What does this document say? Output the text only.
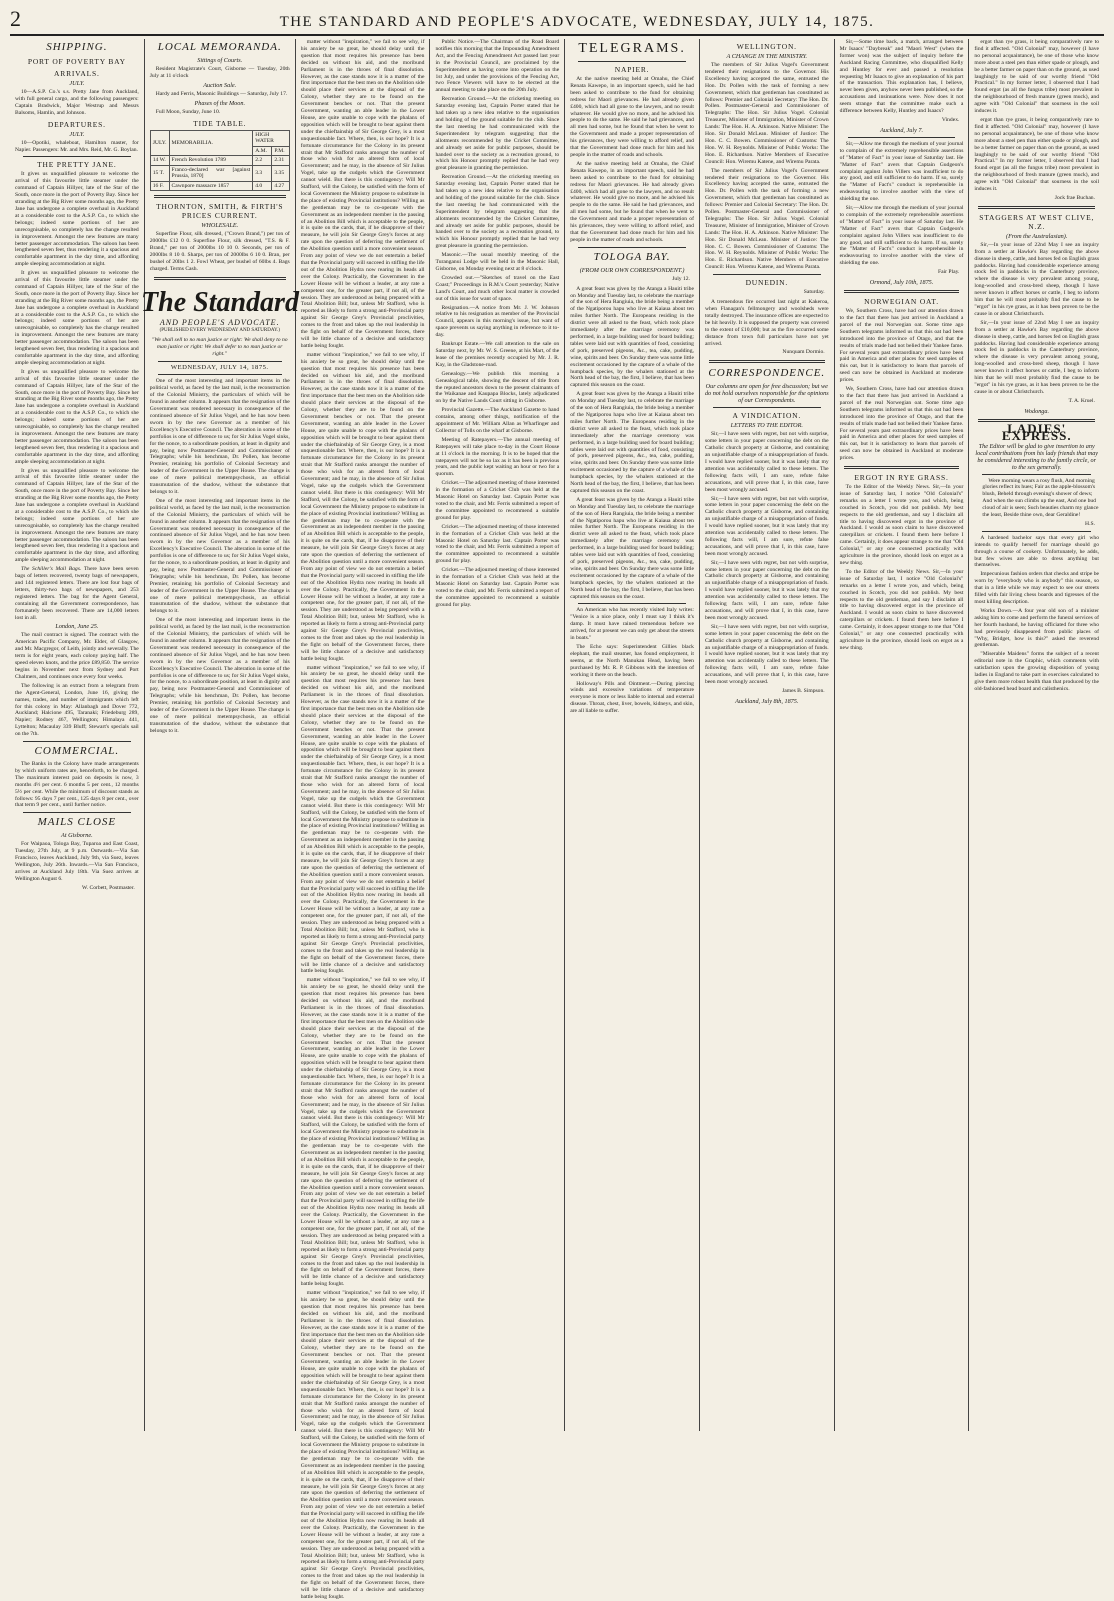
2	THE STANDARD AND PEOPLE'S ADVOCATE, WEDNESDAY, JULY 14, 1875.
SHIPPING.
PORT OF POVERTY BAY
ARRIVALS.
JULY.

10—A.S.P. Co.'s s.s. Pretty Jane from Auckland, with full general cargo, and the following passengers: Captain Bradwick, Major Westrup and Messrs Balsoms, Hamlin, and Johnson.

DEPARTURES.
JULY.

10—Opotiki, whaleboat, Hamilton master, for Napier. Passengers: Mr. and Mrs. Reid, Mr. G. Boylan.

THE PRETTY JANE.

It gives us unqualified pleasure to welcome the arrival of this favourite little steamer under the command of Captain Hillyer, late of the Star of the South, once more in the port of Poverty Bay. Since her stranding at the Big River some months ago, the Pretty Jane has undergone a complete overhaul in Auckland at a considerable cost to the A.S.P. Co., to which she belongs; indeed some portions of her are unrecognisable, so completely has the change resulted in improvement. Amongst the new features are many better passenger accommodation. The saloon has been lengthened seven feet, thus rendering it a spacious and comfortable apartment in the day time, and affording ample sleeping accommodation at night.

It gives us unqualified pleasure to welcome the arrival of this favourite little steamer under the command of Captain Hillyer, late of the Star of the South, once more in the port of Poverty Bay. Since her stranding at the Big River some months ago, the Pretty Jane has undergone a complete overhaul in Auckland at a considerable cost to the A.S.P. Co., to which she belongs; indeed some portions of her are unrecognisable, so completely has the change resulted in improvement. Amongst the new features are many better passenger accommodation. The saloon has been lengthened seven feet, thus rendering it a spacious and comfortable apartment in the day time, and affording ample sleeping accommodation at night.

It gives us unqualified pleasure to welcome the arrival of this favourite little steamer under the command of Captain Hillyer, late of the Star of the South, once more in the port of Poverty Bay. Since her stranding at the Big River some months ago, the Pretty Jane has undergone a complete overhaul in Auckland at a considerable cost to the A.S.P. Co., to which she belongs; indeed some portions of her are unrecognisable, so completely has the change resulted in improvement. Amongst the new features are many better passenger accommodation. The saloon has been lengthened seven feet, thus rendering it a spacious and comfortable apartment in the day time, and affording ample sleeping accommodation at night.

It gives us unqualified pleasure to welcome the arrival of this favourite little steamer under the command of Captain Hillyer, late of the Star of the South, once more in the port of Poverty Bay. Since her stranding at the Big River some months ago, the Pretty Jane has undergone a complete overhaul in Auckland at a considerable cost to the A.S.P. Co., to which she belongs; indeed some portions of her are unrecognisable, so completely has the change resulted in improvement. Amongst the new features are many better passenger accommodation. The saloon has been lengthened seven feet, thus rendering it a spacious and comfortable apartment in the day time, and affording ample sleeping accommodation at night.

The Schiller's Mail Bags. There have been seven bags of letters recovered, twenty bags of newspapers, and 144 registered letters. There are lost four bags of letters, thirty-two bags of newspapers, and 253 registered letters. The bag for the Agent General, containing all the Government correspondence, has fortunately been recovered. There are 14,000 letters lost in all.

London, June 25.

The mail contract is signed. The contract with the American Pacific Company, Mr. Elder, of Glasgow, and Mr. Macgregor, of Leith, jointly and severally. The term is for eight years, each colony paying half. The speed eleven knots, and the price £89,850. The service begins in November next from Sydney and Port Chalmers, and continues once every four weeks.

The following is an extract from a telegram from the Agent-General, London, June 16, giving the names, trades, and number of immigrants which left for this colony in May: Allanbagh and Dover 772, Auckland; Halcione 495, Taranaki; Friedeburg 289, Napier; Rodney 467, Wellington; Himalaya 441, Lyttelton; Macaulay 339 Bluff; Stewart's specials sail on the 7th.

COMMERCIAL.

The Banks in the Colony have made arrangements by which uniform rates are, henceforth, to be charged. The maximum interest paid on deposits is now, 3 months 4½ per cent. 6 months 5 per cent., 12 months 5½ per cent. While the minimum of discount stands as follows: 95 days 7 per cent., 125 days 8 per cent., over that term 9 per cent., until further notice.

MAILS CLOSE
At Gisborne.

For Waipaoa, Tologa Bay, Tuparoa and East Coast, Tuesday, 27th July, at 9 p.m. Outwards.—Via San Francisco, leaves Auckland, July 9th, via Suez, leaves Wellington, July 26th. Inwards.—Via San Francisco, arrives at Auckland July 18th. Via Suez arrives at Wellington August 6.

W. Corbett, Postmaster.
LOCAL MEMORANDA.
Sittings of Courts.

Resident Magistrate's Court, Gisborne — Tuesday, 20th July at 11 o'clock

Auction Sale.

Hardy and Ferris, Masonic Buildings — Saturday, July 17.

Phases of the Moon.

Full Moon, Sunday, June 10.

TIDE TABLE.
JULY.	MEMORABILIA.	HIGH WATER	
		A.M.	P.M.
14 W.	French Revolution 1789	2.2	2.31
15 T.	Franco-declared war [against Prussia, 1870]	3.3	3.35
16 F.	Cawnpore massacre 1857	4.0	4.27
THORNTON, SMITH, & FIRTH'S PRICES CURRENT.
WHOLESALE.

Superfine Flour, silk dressed, ("Crown Brand,") per ton of 2000lbs £12 0 0. Superfine Flour, silk dressed, "T.S. & F. Brand," per ton of 2000lbs 10 10 0. Seconds, per ton of 2000lbs 8 10 0. Sharps, per ton of 2000lbs 6 10 0. Bran, per bushel of 20lbs 1 2. Fowl Wheat, per bushel of 60lbs 4. Bags charged. Terms Cash.

The Standard
AND PEOPLE'S ADVOCATE.
(PUBLISHED EVERY WEDNESDAY AND SATURDAY.)
"We shall sell to no man justice or right: We shall deny to no man justice or right: We shall defer to no man justice or right."
WEDNESDAY, JULY 14, 1875.

One of the most interesting and important items in the political world, as faced by the last mail, is the reconstruction of the Colonial Ministry, the particulars of which will be found in another column. It appears that the resignation of the Government was rendered necessary in consequence of the continued absence of Sir Julius Vogel, and he has now been sworn in by the new Governor as a member of his Excellency's Executive Council. The alteration in some of the portfolios is one of difference to us; for Sir Julius Vogel sinks, for the nonce, to a subordinate position, at least in dignity and pay, being now Postmaster-General and Commissioner of Telegraphs; while his henchman, Dr. Pollen, has become Premier, retaining his portfolio of Colonial Secretary and leader of the Government in the Upper House. The change is one of mere political metempsychosis, an official transmutation of the shadow, without the substance that belongs to it.

One of the most interesting and important items in the political world, as faced by the last mail, is the reconstruction of the Colonial Ministry, the particulars of which will be found in another column. It appears that the resignation of the Government was rendered necessary in consequence of the continued absence of Sir Julius Vogel, and he has now been sworn in by the new Governor as a member of his Excellency's Executive Council. The alteration in some of the portfolios is one of difference to us; for Sir Julius Vogel sinks, for the nonce, to a subordinate position, at least in dignity and pay, being now Postmaster-General and Commissioner of Telegraphs; while his henchman, Dr. Pollen, has become Premier, retaining his portfolio of Colonial Secretary and leader of the Government in the Upper House. The change is one of mere political metempsychosis, an official transmutation of the shadow, without the substance that belongs to it.

One of the most interesting and important items in the political world, as faced by the last mail, is the reconstruction of the Colonial Ministry, the particulars of which will be found in another column. It appears that the resignation of the Government was rendered necessary in consequence of the continued absence of Sir Julius Vogel, and he has now been sworn in by the new Governor as a member of his Excellency's Executive Council. The alteration in some of the portfolios is one of difference to us; for Sir Julius Vogel sinks, for the nonce, to a subordinate position, at least in dignity and pay, being now Postmaster-General and Commissioner of Telegraphs; while his henchman, Dr. Pollen, has become Premier, retaining his portfolio of Colonial Secretary and leader of the Government in the Upper House. The change is one of mere political metempsychosis, an official transmutation of the shadow, without the substance that belongs to it.

matter without "inspiration," we fail to see why, if his anxiety be so great, he should delay until the question that most requires his presence has been decided on without his aid, and the moribund Parliament is in the throes of final dissolution. However, as the case stands now it is a matter of the first importance that the best men on the Abolition side should place their services at the disposal of the Colony, whether they are to be found on the Government benches or not. That the present Government, wanting an able leader in the Lower House, are quite unable to cope with the phalanx of opposition which will be brought to bear against them under the chieftainship of Sir George Grey, is a most unquestionable fact. Where, then, is our hope? It is a fortunate circumstance for the Colony in its present strait that Mr Stafford ranks amongst the number of those who wish for an altered form of local Government; and he may, in the absence of Sir Julius Vogel, take up the cudgels which the Government cannot wield. But there is this contingency: Will Mr Stafford, will the Colony, be satisfied with the form of local Government the Ministry propose to substitute in the place of existing Provincial institutions? Willing as the gentleman may be to co-operate with the Government as an independent member in the passing of an Abolition Bill which is acceptable to the people, it is quite on the cards, that, if he disapprove of their measure, he will join Sir George Grey's forces at any rate upon the question of deferring the settlement of the Abolition question until a more convenient season. From any point of view we do not entertain a belief that the Provincial party will succeed in stifling the life out of the Abolition Hydra now rearing its heads all over the Colony. Practically, the Government in the Lower House will be without a leader, at any rate a competent one, for the greater part, if not all, of the session. They are understood as being prepared with a Total Abolition Bill; but, unless Mr Stafford, who is reported as likely to form a strong anti-Provincial party against Sir George Grey's Provincial proclivities, comes to the front and takes up the real leadership in the fight on behalf of the Government forces, there will be little chance of a decisive and satisfactory battle being fought.

matter without "inspiration," we fail to see why, if his anxiety be so great, he should delay until the question that most requires his presence has been decided on without his aid, and the moribund Parliament is in the throes of final dissolution. However, as the case stands now it is a matter of the first importance that the best men on the Abolition side should place their services at the disposal of the Colony, whether they are to be found on the Government benches or not. That the present Government, wanting an able leader in the Lower House, are quite unable to cope with the phalanx of opposition which will be brought to bear against them under the chieftainship of Sir George Grey, is a most unquestionable fact. Where, then, is our hope? It is a fortunate circumstance for the Colony in its present strait that Mr Stafford ranks amongst the number of those who wish for an altered form of local Government; and he may, in the absence of Sir Julius Vogel, take up the cudgels which the Government cannot wield. But there is this contingency: Will Mr Stafford, will the Colony, be satisfied with the form of local Government the Ministry propose to substitute in the place of existing Provincial institutions? Willing as the gentleman may be to co-operate with the Government as an independent member in the passing of an Abolition Bill which is acceptable to the people, it is quite on the cards, that, if he disapprove of their measure, he will join Sir George Grey's forces at any rate upon the question of deferring the settlement of the Abolition question until a more convenient season. From any point of view we do not entertain a belief that the Provincial party will succeed in stifling the life out of the Abolition Hydra now rearing its heads all over the Colony. Practically, the Government in the Lower House will be without a leader, at any rate a competent one, for the greater part, if not all, of the session. They are understood as being prepared with a Total Abolition Bill; but, unless Mr Stafford, who is reported as likely to form a strong anti-Provincial party against Sir George Grey's Provincial proclivities, comes to the front and takes up the real leadership in the fight on behalf of the Government forces, there will be little chance of a decisive and satisfactory battle being fought.

matter without "inspiration," we fail to see why, if his anxiety be so great, he should delay until the question that most requires his presence has been decided on without his aid, and the moribund Parliament is in the throes of final dissolution. However, as the case stands now it is a matter of the first importance that the best men on the Abolition side should place their services at the disposal of the Colony, whether they are to be found on the Government benches or not. That the present Government, wanting an able leader in the Lower House, are quite unable to cope with the phalanx of opposition which will be brought to bear against them under the chieftainship of Sir George Grey, is a most unquestionable fact. Where, then, is our hope? It is a fortunate circumstance for the Colony in its present strait that Mr Stafford ranks amongst the number of those who wish for an altered form of local Government; and he may, in the absence of Sir Julius Vogel, take up the cudgels which the Government cannot wield. But there is this contingency: Will Mr Stafford, will the Colony, be satisfied with the form of local Government the Ministry propose to substitute in the place of existing Provincial institutions? Willing as the gentleman may be to co-operate with the Government as an independent member in the passing of an Abolition Bill which is acceptable to the people, it is quite on the cards, that, if he disapprove of their measure, he will join Sir George Grey's forces at any rate upon the question of deferring the settlement of the Abolition question until a more convenient season. From any point of view we do not entertain a belief that the Provincial party will succeed in stifling the life out of the Abolition Hydra now rearing its heads all over the Colony. Practically, the Government in the Lower House will be without a leader, at any rate a competent one, for the greater part, if not all, of the session. They are understood as being prepared with a Total Abolition Bill; but, unless Mr Stafford, who is reported as likely to form a strong anti-Provincial party against Sir George Grey's Provincial proclivities, comes to the front and takes up the real leadership in the fight on behalf of the Government forces, there will be little chance of a decisive and satisfactory battle being fought.

matter without "inspiration," we fail to see why, if his anxiety be so great, he should delay until the question that most requires his presence has been decided on without his aid, and the moribund Parliament is in the throes of final dissolution. However, as the case stands now it is a matter of the first importance that the best men on the Abolition side should place their services at the disposal of the Colony, whether they are to be found on the Government benches or not. That the present Government, wanting an able leader in the Lower House, are quite unable to cope with the phalanx of opposition which will be brought to bear against them under the chieftainship of Sir George Grey, is a most unquestionable fact. Where, then, is our hope? It is a fortunate circumstance for the Colony in its present strait that Mr Stafford ranks amongst the number of those who wish for an altered form of local Government; and he may, in the absence of Sir Julius Vogel, take up the cudgels which the Government cannot wield. But there is this contingency: Will Mr Stafford, will the Colony, be satisfied with the form of local Government the Ministry propose to substitute in the place of existing Provincial institutions? Willing as the gentleman may be to co-operate with the Government as an independent member in the passing of an Abolition Bill which is acceptable to the people, it is quite on the cards, that, if he disapprove of their measure, he will join Sir George Grey's forces at any rate upon the question of deferring the settlement of the Abolition question until a more convenient season. From any point of view we do not entertain a belief that the Provincial party will succeed in stifling the life out of the Abolition Hydra now rearing its heads all over the Colony. Practically, the Government in the Lower House will be without a leader, at any rate a competent one, for the greater part, if not all, of the session. They are understood as being prepared with a Total Abolition Bill; but, unless Mr Stafford, who is reported as likely to form a strong anti-Provincial party against Sir George Grey's Provincial proclivities, comes to the front and takes up the real leadership in the fight on behalf of the Government forces, there will be little chance of a decisive and satisfactory battle being fought.

matter without "inspiration," we fail to see why, if his anxiety be so great, he should delay until the question that most requires his presence has been decided on without his aid, and the moribund Parliament is in the throes of final dissolution. However, as the case stands now it is a matter of the first importance that the best men on the Abolition side should place their services at the disposal of the Colony, whether they are to be found on the Government benches or not. That the present Government, wanting an able leader in the Lower House, are quite unable to cope with the phalanx of opposition which will be brought to bear against them under the chieftainship of Sir George Grey, is a most unquestionable fact. Where, then, is our hope? It is a fortunate circumstance for the Colony in its present strait that Mr Stafford ranks amongst the number of those who wish for an altered form of local Government; and he may, in the absence of Sir Julius Vogel, take up the cudgels which the Government cannot wield. But there is this contingency: Will Mr Stafford, will the Colony, be satisfied with the form of local Government the Ministry propose to substitute in the place of existing Provincial institutions? Willing as the gentleman may be to co-operate with the Government as an independent member in the passing of an Abolition Bill which is acceptable to the people, it is quite on the cards, that, if he disapprove of their measure, he will join Sir George Grey's forces at any rate upon the question of deferring the settlement of the Abolition question until a more convenient season. From any point of view we do not entertain a belief that the Provincial party will succeed in stifling the life out of the Abolition Hydra now rearing its heads all over the Colony. Practically, the Government in the Lower House will be without a leader, at any rate a competent one, for the greater part, if not all, of the session. They are understood as being prepared with a Total Abolition Bill; but, unless Mr Stafford, who is reported as likely to form a strong anti-Provincial party against Sir George Grey's Provincial proclivities, comes to the front and takes up the real leadership in the fight on behalf of the Government forces, there will be little chance of a decisive and satisfactory battle being fought.

Public Notice.—The Chairman of the Road Board notifies this morning that the Impounding Amendment Act, and the Fencing Amendment Act passed last year in the Provincial Council, are proclaimed by the Superintendent as having come into operation on the 1st July, and under the provisions of the Fencing Act, two Fence Viewers will have to be elected at the annual meeting to take place on the 20th July.

Recreation Ground.—At the cricketing meeting on Saturday evening last, Captain Porter stated that he had taken up a new idea relative to the organisation and holding of the ground suitable for the club. Since the last meeting he had communicated with the Superintendent by telegram suggesting that the allotments recommended by the Cricket Committee, and already set aside for public purposes, should be handed over to the society as a recreation ground, to which his Honour promptly replied that he had very great pleasure in granting the permission.

Recreation Ground.—At the cricketing meeting on Saturday evening last, Captain Porter stated that he had taken up a new idea relative to the organisation and holding of the ground suitable for the club. Since the last meeting he had communicated with the Superintendent by telegram suggesting that the allotments recommended by the Cricket Committee, and already set aside for public purposes, should be handed over to the society as a recreation ground, to which his Honour promptly replied that he had very great pleasure in granting the permission.

Masonic.—The usual monthly meeting of the Turanganui Lodge will be held in the Masonic Hall, Gisborne, on Monday evening next at 8 o'clock.

Crowded out.—"Sketches of travel on the East Coast;" Proceedings in R.M.'s Court yesterday; Native Land's Court, and much other local matter is crowded out of this issue for want of space.

Resignation.—A notice from Mr. J. W. Johnson relative to his resignation as member of the Provincial Council, appears in this morning's issue, but want of space prevents us saying anything in reference to it to-day.

Bankrupt Estate.—We call attention to the sale on Saturday next, by Mr. W. S. Greene, at his Mart, of the lease of the premises recently occupied by Mr. J. R. Kay, in the Gladstone-road.

Genealogy.—We publish this morning a Genealogical table, showing the descent of title from the reputed ancestors down to the present claimants of the Waikanae and Kaupapa Blocks, lately adjudicated on by the Native Lands Court sitting in Gisborne.

Provincial Gazette.—The Auckland Gazette to hand contains, among other things, notification of the appointment of Mr. William Allan as Wharfinger and Collector of Tolls on the wharf at Gisborne.

Meeting of Ratepayers.—The annual meeting of Ratepayers will take place to-day in the Court House at 11 o'clock in the morning. It is to be hoped that the ratepayers will not be so lax as it has been in previous years, and the public kept waiting an hour or two for a quorum.

Cricket.—The adjourned meeting of those interested in the formation of a Cricket Club was held at the Masonic Hotel on Saturday last. Captain Porter was voted to the chair, and Mr. Ferris submitted a report of the committee appointed to recommend a suitable ground for play.

Cricket.—The adjourned meeting of those interested in the formation of a Cricket Club was held at the Masonic Hotel on Saturday last. Captain Porter was voted to the chair, and Mr. Ferris submitted a report of the committee appointed to recommend a suitable ground for play.

Cricket.—The adjourned meeting of those interested in the formation of a Cricket Club was held at the Masonic Hotel on Saturday last. Captain Porter was voted to the chair, and Mr. Ferris submitted a report of the committee appointed to recommend a suitable ground for play.

TELEGRAMS.
NAPIER.

At the native meeting held at Omahu, the Chief Renata Kawepo, in an important speech, said he had been asked to contribute to the fund for obtaining redress for Maori grievances. He had already given £400, which had all gone to the lawyers, and no result whatever. He would give no more, and he advised his people to do the same. He said he had grievances, and all men had some, but he found that when he went to the Government and made a proper representation of his grievances, they were willing to afford relief, and that the Government had done much for him and his people in the matter of roads and schools.

At the native meeting held at Omahu, the Chief Renata Kawepo, in an important speech, said he had been asked to contribute to the fund for obtaining redress for Maori grievances. He had already given £400, which had all gone to the lawyers, and no result whatever. He would give no more, and he advised his people to do the same. He said he had grievances, and all men had some, but he found that when he went to the Government and made a proper representation of his grievances, they were willing to afford relief, and that the Government had done much for him and his people in the matter of roads and schools.

TOLOGA BAY.
(FROM OUR OWN CORRESPONDENT.)
July 12.

A great feast was given by the Atanga a Hauiti tribe on Monday and Tuesday last, to celebrate the marriage of the son of Hera Rangiuia, the bride being a member of the Ngatiporou hapu who live at Kaiaua about ten miles further North. The Europeans residing in the district were all asked to the feast, which took place immediately after the marriage ceremony was performed, in a large building used for board building; tables were laid out with quantities of food, consisting of pork, preserved pigeons, &c., tea, cake, pudding, wine, spirits and beer. On Sunday there was some little excitement occasioned by the capture of a whale of the humpback species, by the whalers stationed at the North head of the bay, the first, I believe, that has been captured this season on the coast.

A great feast was given by the Atanga a Hauiti tribe on Monday and Tuesday last, to celebrate the marriage of the son of Hera Rangiuia, the bride being a member of the Ngatiporou hapu who live at Kaiaua about ten miles further North. The Europeans residing in the district were all asked to the feast, which took place immediately after the marriage ceremony was performed, in a large building used for board building; tables were laid out with quantities of food, consisting of pork, preserved pigeons, &c., tea, cake, pudding, wine, spirits and beer. On Sunday there was some little excitement occasioned by the capture of a whale of the humpback species, by the whalers stationed at the North head of the bay, the first, I believe, that has been captured this season on the coast.

A great feast was given by the Atanga a Hauiti tribe on Monday and Tuesday last, to celebrate the marriage of the son of Hera Rangiuia, the bride being a member of the Ngatiporou hapu who live at Kaiaua about ten miles further North. The Europeans residing in the district were all asked to the feast, which took place immediately after the marriage ceremony was performed, in a large building used for board building; tables were laid out with quantities of food, consisting of pork, preserved pigeons, &c., tea, cake, pudding, wine, spirits and beer. On Sunday there was some little excitement occasioned by the capture of a whale of the humpback species, by the whalers stationed at the North head of the bay, the first, I believe, that has been captured this season on the coast.

An American who has recently visited Italy writes: "Venice is a nice place, only I must say I think it's damp. It must have rained tremendous before we arrived, for at present we can only get about the streets in boats."

The Echo says: Superintendent Gillies black elephant, the mail steamer, has found employment, it seems, at the North Manukau Head, having been purchased by Mr. R. P. Gibbons with the intention of working it there on the beach.

Holloway's Pills and Ointment.—During piercing winds and excessive variations of temperature everyone is more or less liable to internal and external disease. Throat, chest, liver, bowels, kidneys, and skin, are all liable to suffer.

WELLINGTON.
A CHANGE IN THE MINISTRY.

The members of Sir Julius Vogel's Government tendered their resignations to the Governor. His Excellency having accepted the same, entrusted the Hon. Dr. Pollen with the task of forming a new Government, which that gentleman has constituted as follows: Premier and Colonial Secretary: The Hon. Dr. Pollen. Postmaster-General and Commissioner of Telegraphs: The Hon. Sir Julius Vogel. Colonial Treasurer, Minister of Immigration, Minister of Crown Lands: The Hon. H. A. Atkinson. Native Minister: The Hon. Sir Donald McLean. Minister of Justice: The Hon. C. C. Bowen. Commissioner of Customs: The Hon. W. H. Reynolds. Minister of Public Works: The Hon. E. Richardson. Native Members of Executive Council: Hon. Wiremu Katene, and Wiremu Parata.

The members of Sir Julius Vogel's Government tendered their resignations to the Governor. His Excellency having accepted the same, entrusted the Hon. Dr. Pollen with the task of forming a new Government, which that gentleman has constituted as follows: Premier and Colonial Secretary: The Hon. Dr. Pollen. Postmaster-General and Commissioner of Telegraphs: The Hon. Sir Julius Vogel. Colonial Treasurer, Minister of Immigration, Minister of Crown Lands: The Hon. H. A. Atkinson. Native Minister: The Hon. Sir Donald McLean. Minister of Justice: The Hon. C. C. Bowen. Commissioner of Customs: The Hon. W. H. Reynolds. Minister of Public Works: The Hon. E. Richardson. Native Members of Executive Council: Hon. Wiremu Katene, and Wiremu Parata.

DUNEDIN.
Saturday.

A tremendous fire occurred last night at Kakeroa, when Flanagan's fellmongery and woolsheds were totally destroyed. The insurance offices are expected to be hit heavily. It is supposed the property was covered to the extent of £10,000; but as the fire occurred some distance from town full particulars have not yet arrived.

Nunquam Dormio.
CORRESPONDENCE.
Our columns are open for free discussion; but we do not hold ourselves responsible for the opinions of our Correspondents.
A VINDICATION.
LETTERS TO THE EDITOR.

Sir,—I have seen with regret, but not with surprise, some letters in your paper concerning the debt on the Catholic church property at Gisborne, and containing an unjustifiable charge of a misappropriation of funds. I would have replied sooner, but it was lately that my attention was accidentally called to these letters. The following facts will, I am sure, refute false accusations, and will prove that I, in this case, have been most wrongly accused.

Sir,—I have seen with regret, but not with surprise, some letters in your paper concerning the debt on the Catholic church property at Gisborne, and containing an unjustifiable charge of a misappropriation of funds. I would have replied sooner, but it was lately that my attention was accidentally called to these letters. The following facts will, I am sure, refute false accusations, and will prove that I, in this case, have been most wrongly accused.

Sir,—I have seen with regret, but not with surprise, some letters in your paper concerning the debt on the Catholic church property at Gisborne, and containing an unjustifiable charge of a misappropriation of funds. I would have replied sooner, but it was lately that my attention was accidentally called to these letters. The following facts will, I am sure, refute false accusations, and will prove that I, in this case, have been most wrongly accused.

Sir,—I have seen with regret, but not with surprise, some letters in your paper concerning the debt on the Catholic church property at Gisborne, and containing an unjustifiable charge of a misappropriation of funds. I would have replied sooner, but it was lately that my attention was accidentally called to these letters. The following facts will, I am sure, refute false accusations, and will prove that I, in this case, have been most wrongly accused.

James B. Simpson.
Auckland, July 8th, 1875.

Sir,—Some time back, a match, arranged between Mr Isaacs' "Daybreak" and "Maori West" (when the former won) was the subject of inquiry before the Auckland Racing Committee, who disqualified Kelly and Huntley for ever and passed a resolution requesting Mr Isaacs to give an explanation of his part of the transaction. This explanation has, I believe, never been given, anyhow never been published, so the accusations and insinuations were. Now does it not seem strange that the committee make such a difference between Kelly, Huntley and Isaacs?

Vindex.
Auckland, July 7.

Sir,—Allow me through the medium of your journal to complain of the extremely reprehensible assertions of "Matter of Fact" in your issue of Saturday last. He "Matter of Fact" avers that Captain Gudgeon's complaint against John Villers was insufficient to do any good, and still sufficient to do harm. If so, surely the "Matter of Fact's" conduct is reprehensible in endeavouring to involve another with the view of shielding the one.

Sir,—Allow me through the medium of your journal to complain of the extremely reprehensible assertions of "Matter of Fact" in your issue of Saturday last. He "Matter of Fact" avers that Captain Gudgeon's complaint against John Villers was insufficient to do any good, and still sufficient to do harm. If so, surely the "Matter of Fact's" conduct is reprehensible in endeavouring to involve another with the view of shielding the one.

Fair Play.
Ormond, July 10th, 1875.
NORWEGIAN OAT.

We, Southern Cross, have had our attention drawn to the fact that there has just arrived in Auckland a parcel of the real Norwegian oat. Some time ago Southern telegrams informed us that this oat had been introduced into the province of Otago, and that the results of trials made had not belied their Yankee fame. For several years past extraordinary prices have been paid in America and other places for seed samples of this oat, but it is satisfactory to learn that parcels of seed can now be obtained in Auckland at moderate prices.

We, Southern Cross, have had our attention drawn to the fact that there has just arrived in Auckland a parcel of the real Norwegian oat. Some time ago Southern telegrams informed us that this oat had been introduced into the province of Otago, and that the results of trials made had not belied their Yankee fame. For several years past extraordinary prices have been paid in America and other places for seed samples of this oat, but it is satisfactory to learn that parcels of seed can now be obtained in Auckland at moderate prices.

ERGOT IN RYE GRASS.

To the Editor of the Weekly News. Sir,—In your issue of Saturday last, I notice "Old Colonial's" remarks on a letter I wrote you, and which, being couched in Scotch, you did not publish. My best respects to the old gentleman, and say I disclaim all title to having discovered ergot in the province of Auckland. I would as soon claim to have discovered caterpillars or crickets. I found them here before I came. Certainly, it does appear strange to me that "Old Colonial," or any one connected practically with agriculture in the province, should look on ergot as a new thing.

To the Editor of the Weekly News. Sir,—In your issue of Saturday last, I notice "Old Colonial's" remarks on a letter I wrote you, and which, being couched in Scotch, you did not publish. My best respects to the old gentleman, and say I disclaim all title to having discovered ergot in the province of Auckland. I would as soon claim to have discovered caterpillars or crickets. I found them here before I came. Certainly, it does appear strange to me that "Old Colonial," or any one connected practically with agriculture in the province, should look on ergot as a new thing.

ergot than rye grass, it being comparatively rare to find it affected. "Old Colonial" may, however (I have no personal acquaintance), be one of those who know more about a steel pen than either spade or plough, and be a better farmer on paper than on the ground, as used laughingly to be said of our worthy friend "Old Practical." In my former letter, I observed that I had found ergot (as all the fungus tribe) most prevalent in the neighbourhood of fresh manure (green muck), and agree with "Old Colonial" that sourness in the soil induces it.

ergot than rye grass, it being comparatively rare to find it affected. "Old Colonial" may, however (I have no personal acquaintance), be one of those who know more about a steel pen than either spade or plough, and be a better farmer on paper than on the ground, as used laughingly to be said of our worthy friend "Old Practical." In my former letter, I observed that I had found ergot (as all the fungus tribe) most prevalent in the neighbourhood of fresh manure (green muck), and agree with "Old Colonial" that sourness in the soil induces it.

Jock frae Buchan.
STAGGERS AT WEST CLIVE, N.Z.
(From the Australasian).

Sir,—In your issue of 22nd May I see an inquiry from a settler at Hawke's Bay regarding the above disease in sheep, cattle, and horses fed on English grass paddocks. Having had considerable experience among stock fed in paddocks in the Canterbury province, where the disease is very prevalent among young, long-woolled and cross-bred sheep, though I have never known it affect horses or cattle, I beg to inform him that he will most probably find the cause to be "ergot" in his rye grass, as it has been proven to be the cause in or about Christchurch.

Sir,—In your issue of 22nd May I see an inquiry from a settler at Hawke's Bay regarding the above disease in sheep, cattle, and horses fed on English grass paddocks. Having had considerable experience among stock fed in paddocks in the Canterbury province, where the disease is very prevalent among young, long-woolled and cross-bred sheep, though I have never known it affect horses or cattle, I beg to inform him that he will most probably find the cause to be "ergot" in his rye grass, as it has been proven to be the cause in or about Christchurch.

T. A. Kruel.
Wodonga.
LADIES' EXPRESS.
The Editor will be glad to give insertion to any local contributions from his lady friends that may be considered interesting to the family circle, or to the sex generally.

Were morning wears a rosy flush, And morning glories reflect its hues; Fair as the apple-blossom's blush, Beheld through evening's shower of dews; And when the sun climbs up the east, And one bud cloud of air is seen; Such beauties charm my glance the least, Beside thine own, dear Geraldine!

H.S.

A hardened bachelor says that every girl who intends to qualify herself for marriage should go through a course of cookery. Unfortunately, he adds, but few wives are able to dress anything but themselves.

Impecunious fashion orders that checks and stripe be worn by "everybody who is anybody" this season, so that in a little while we may expect to see our streets filled with fair living chess boards and tigresses of the most killing description.

Works Down.—A four year old son of a minister asking him to come and perform the funeral services of her fourth husband, he having officiated for three who had previously disappeared from public places of "Why, Bridget, how is this?" asked the reverend gentleman.

"Miserable Maidens" forms the subject of a recent editorial note in the Graphic, which comments with satisfaction upon the growing disposition of young ladies in England to take part in exercises calculated to give them more robust health than that produced by the old-fashioned head board and calisthenics.
